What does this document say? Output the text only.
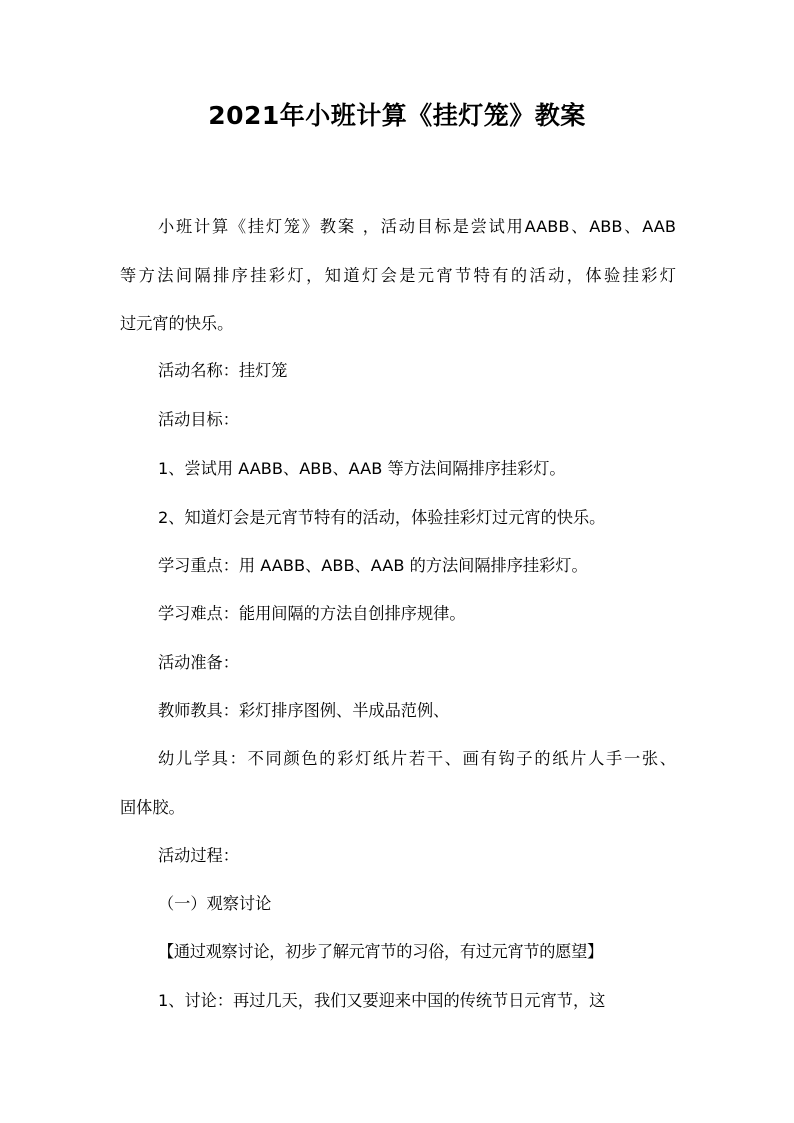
2021年小班计算《挂灯笼》教案
小班计算《挂灯笼》教案 ，活动目标是尝试用AABB、ABB、AAB
等方法间隔排序挂彩灯，知道灯会是元宵节特有的活动，体验挂彩灯
过元宵的快乐。
活动名称：挂灯笼
活动目标：
1、尝试用 AABB、ABB、AAB 等方法间隔排序挂彩灯。
2、知道灯会是元宵节特有的活动，体验挂彩灯过元宵的快乐。
学习重点：用 AABB、ABB、AAB 的方法间隔排序挂彩灯。
学习难点：能用间隔的方法自创排序规律。
活动准备：
教师教具：彩灯排序图例、半成品范例、
幼儿学具：不同颜色的彩灯纸片若干、画有钩子的纸片人手一张、
固体胶。
活动过程：
（一）观察讨论
【通过观察讨论，初步了解元宵节的习俗，有过元宵节的愿望】
1、讨论：再过几天，我们又要迎来中国的传统节日元宵节，这
